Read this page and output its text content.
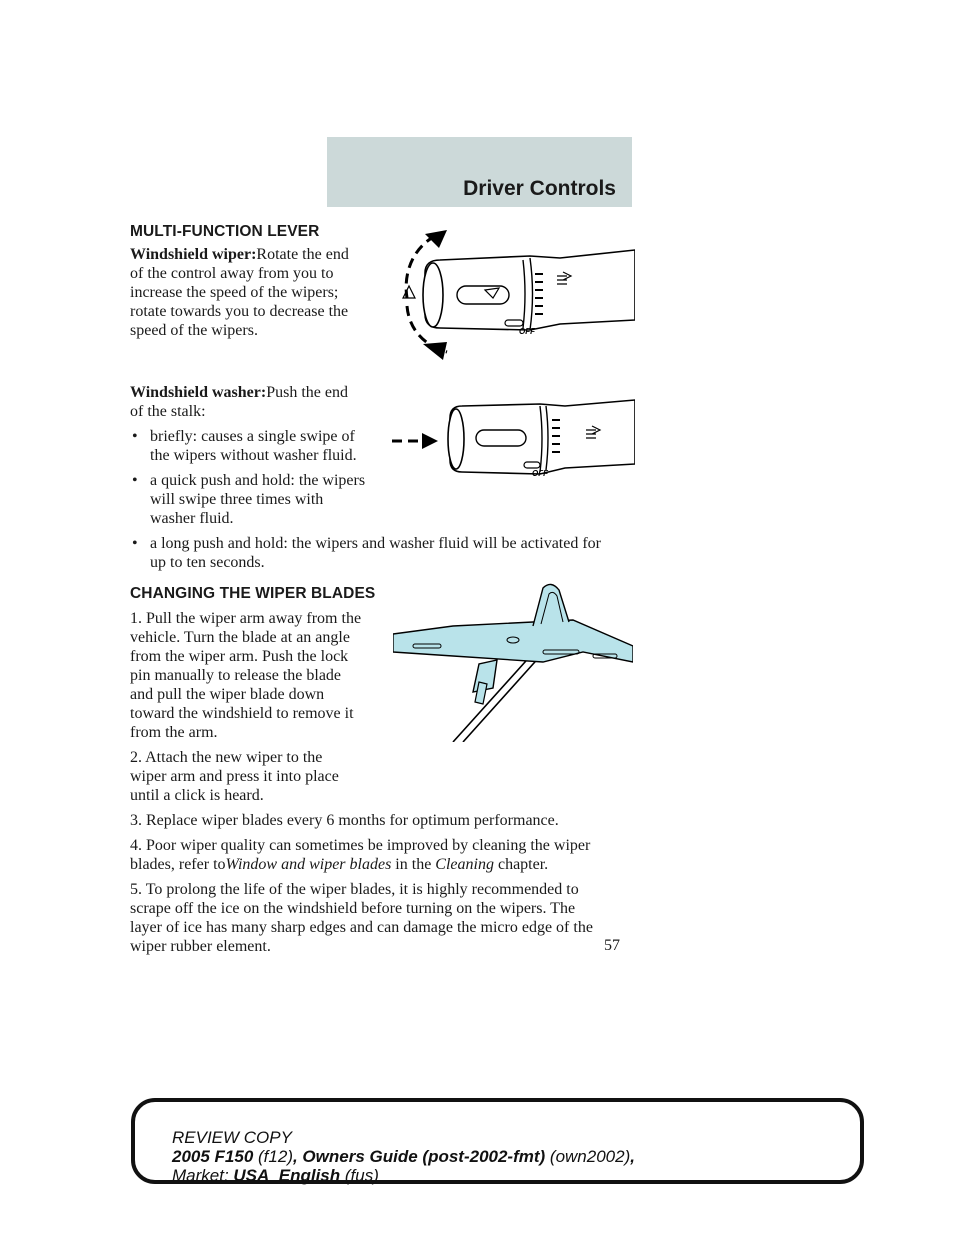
Driver Controls

MULTI-FUNCTION LEVER

Windshield wiper:Rotate the end
of the control away from you to
increase the speed of the wipers;
rotate towards you to decrease the
speed of the wipers.
Windshield washer:Push the end
of the stalk:
• briefly: causes a single swipe of
the wipers without washer fluid.
• a quick push and hold: the wipers
will swipe three times with
washer fluid.
• a long push and hold: the wipers and washer fluid will be activated for
up to ten seconds.

CHANGING THE WIPER BLADES

1. Pull the wiper arm away from the
vehicle. Turn the blade at an angle
from the wiper arm. Push the lock
pin manually to release the blade
and pull the wiper blade down
toward the windshield to remove it
from the arm.
2. Attach the new wiper to the
wiper arm and press it into place
until a click is heard.

3. Replace wiper blades every 6 months for optimum performance.

4. Poor wiper quality can sometimes be improved by cleaning the wiper
blades, refer toWindow and wiper blades in the Cleaning chapter.
5. To prolong the life of the wiper blades, it is highly recommended to
scrape off the ice on the windshield before turning on the wipers. The
layer of ice has many sharp edges and can damage the micro edge of the
wiper rubber element.
OFF
OFF
57
REVIEW COPY
2005 F150 (f12), Owners Guide (post-2002-fmt) (own2002),
Market: USA_English (fus)
